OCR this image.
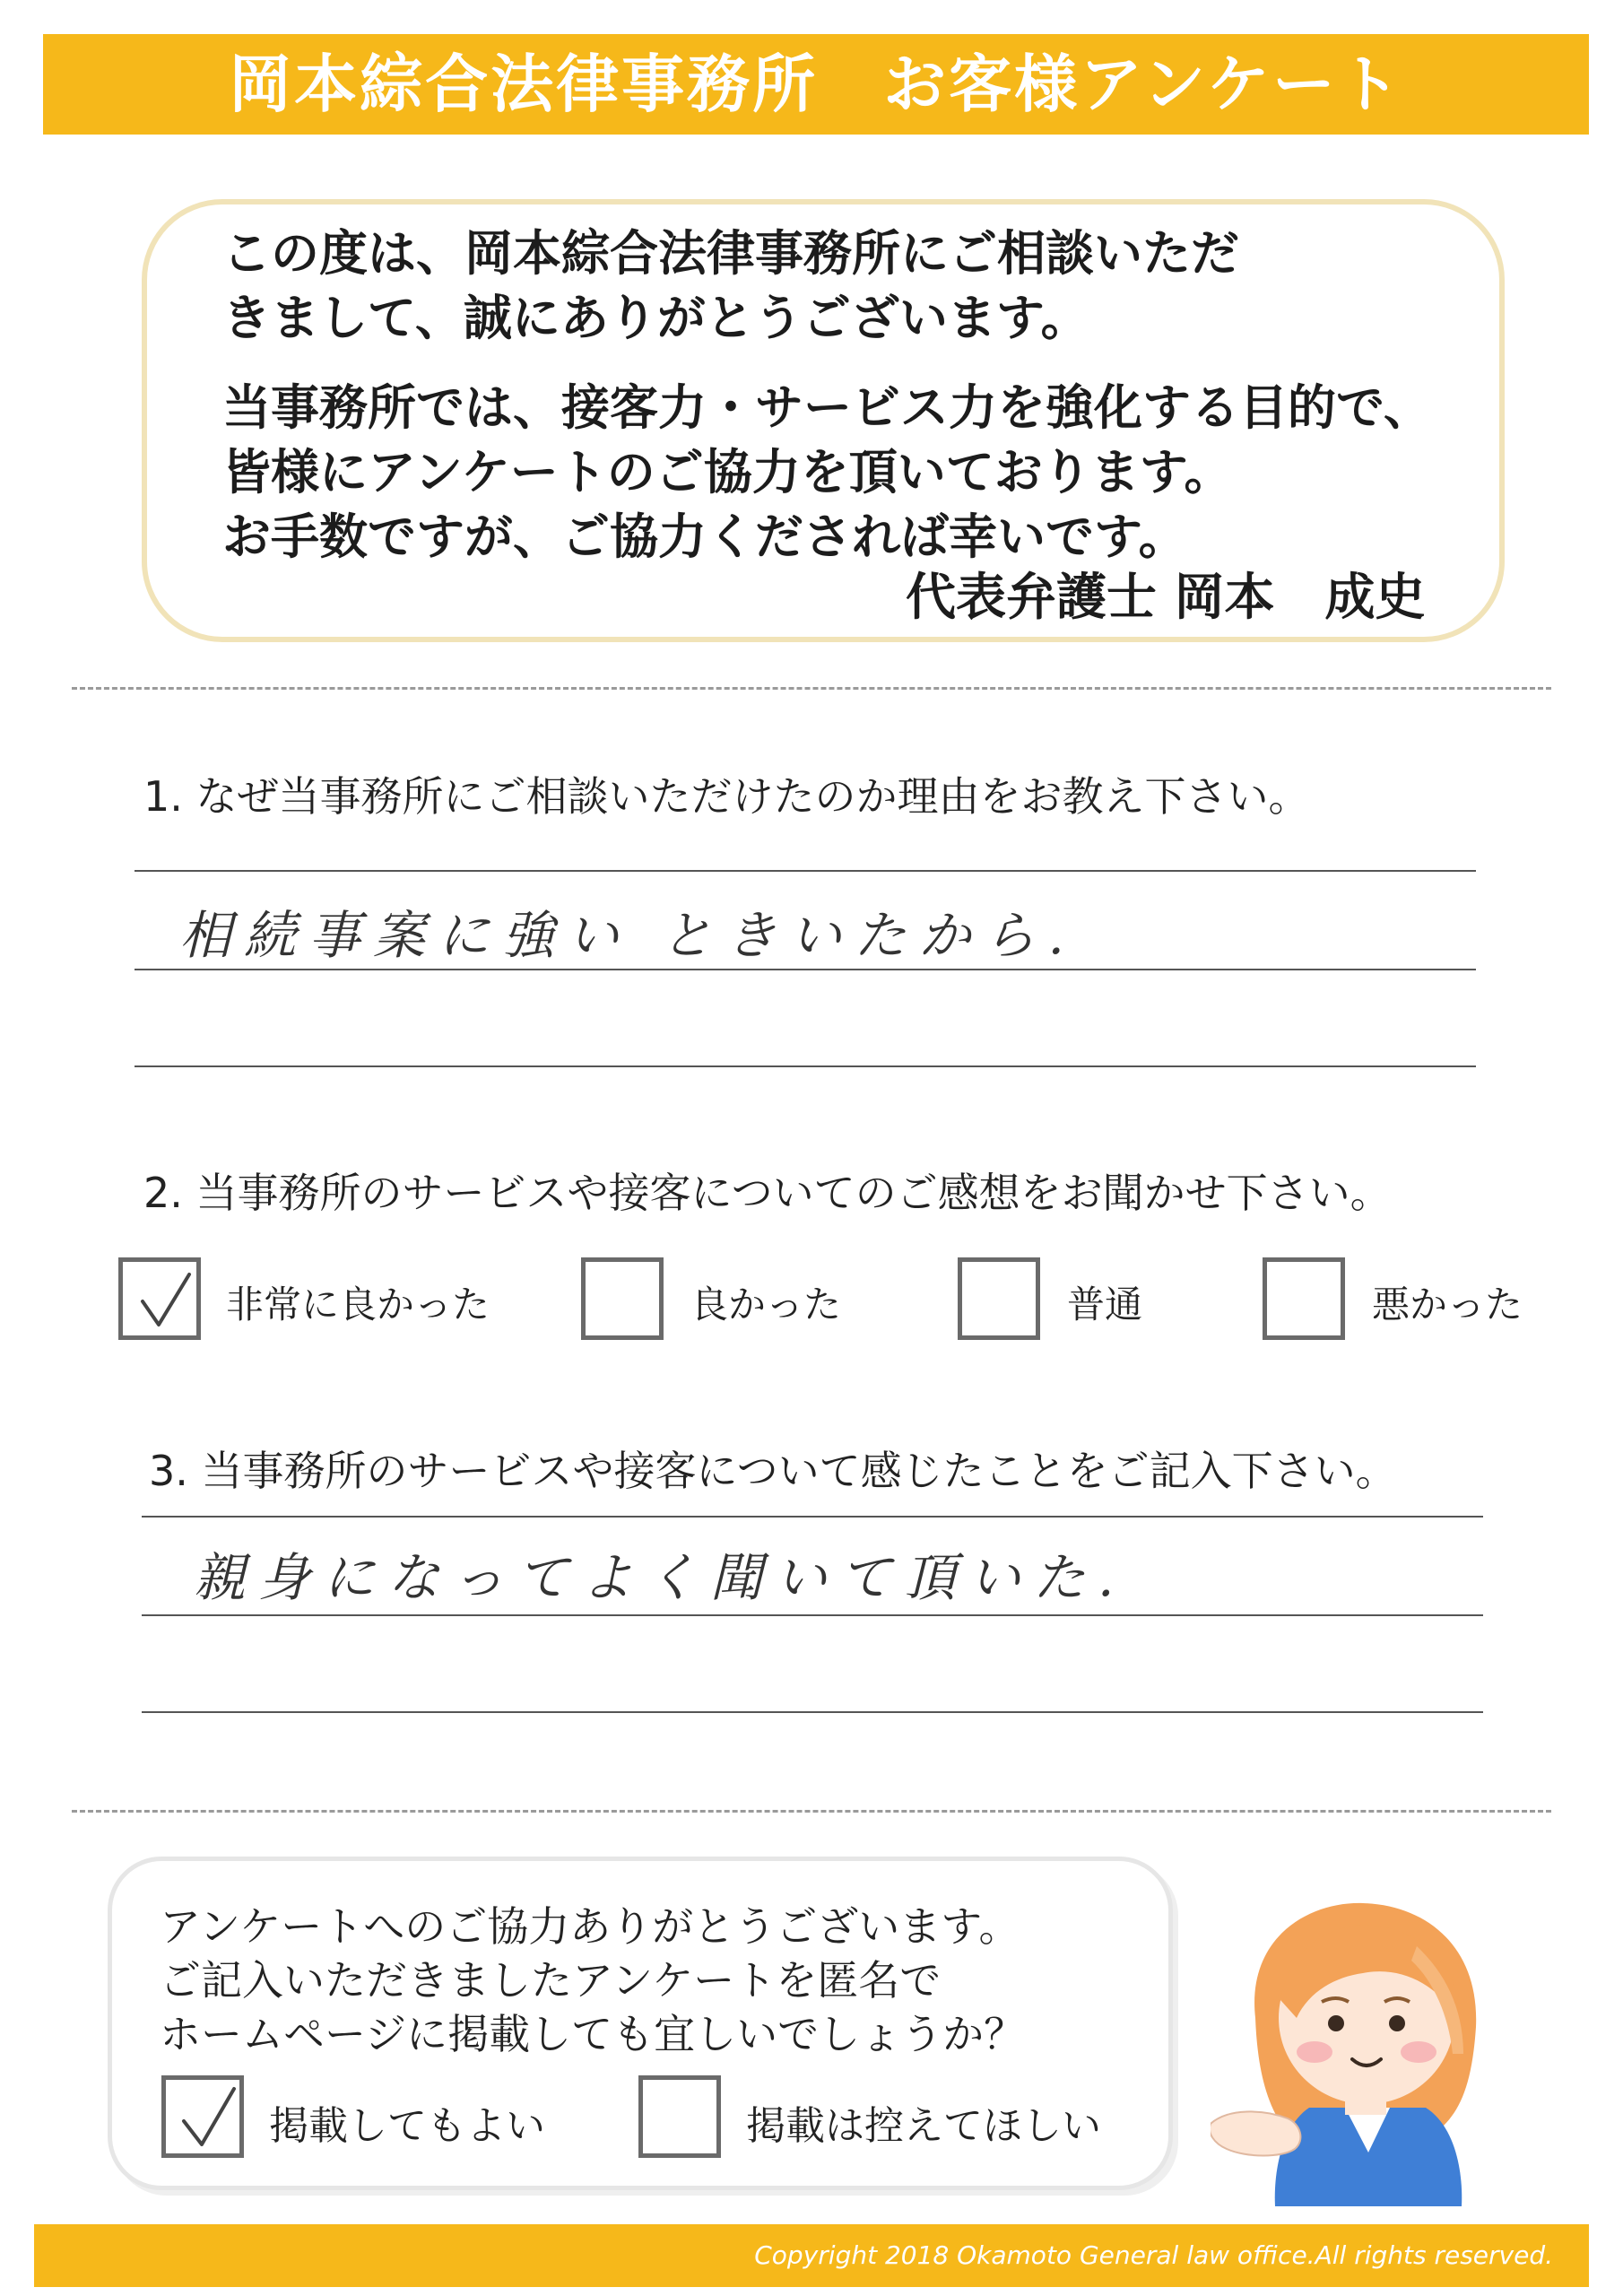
岡本綜合法律事務所　お客様アンケート
この度は、岡本綜合法律事務所にご相談いただ
きまして、誠にありがとうございます。
当事務所では、接客力・サービス力を強化する目的で、
皆様にアンケートのご協力を頂いております。
お手数ですが、ご協力くだされば幸いです。
代表弁護士 岡本　成史
1. なぜ当事務所にご相談いただけたのか理由をお教え下さい。
相続事案に強い ときいたから.
2. 当事務所のサービスや接客についてのご感想をお聞かせ下さい。
非常に良かった	良かった	普通	悪かった
3. 当事務所のサービスや接客について感じたことをご記入下さい。
親身になってよく聞いて頂いた.
アンケートへのご協力ありがとうございます。
ご記入いただきましたアンケートを匿名で
ホームページに掲載しても宜しいでしょうか？
掲載してもよい	掲載は控えてほしい
Copyright 2018 Okamoto General law office.All rights reserved.
